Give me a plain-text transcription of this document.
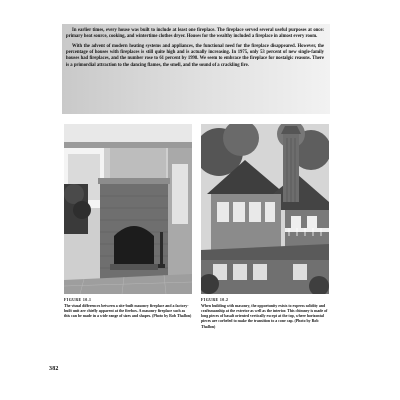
In earlier times, every house was built to include at least one fireplace. The fireplace served several useful purposes at once: primary heat source, cooking, and wintertime clothes dryer. Houses for the wealthy included a fireplace in almost every room.

With the advent of modern heating systems and appliances, the functional need for the fireplace disappeared. However, the percentage of houses with fireplaces is still quite high and is actually increasing. In 1975, only 53 percent of new single-family houses had fireplaces, and the number rose to 61 percent by 1998. We seem to embrace the fireplace for nostalgic reasons. There is a primordial attraction to the dancing flames, the smell, and the sound of a crackling fire.

FIGURE 10.1
The visual differences between a site-built masonry fireplace and a factory-built unit are chiefly apparent at the firebox. A masonry fireplace such as this can be made in a wide range of sizes and shapes. (Photo by Rob Thallon)
FIGURE 10.2
When building with masonry, the opportunity exists to express solidity and craftsmanship at the exterior as well as the interior. This chimney is made of long pieces of basalt oriented vertically except at the top, where horizontal pieces are corbeled to make the transition to a cone cap. (Photo by Rob Thallon)
382
